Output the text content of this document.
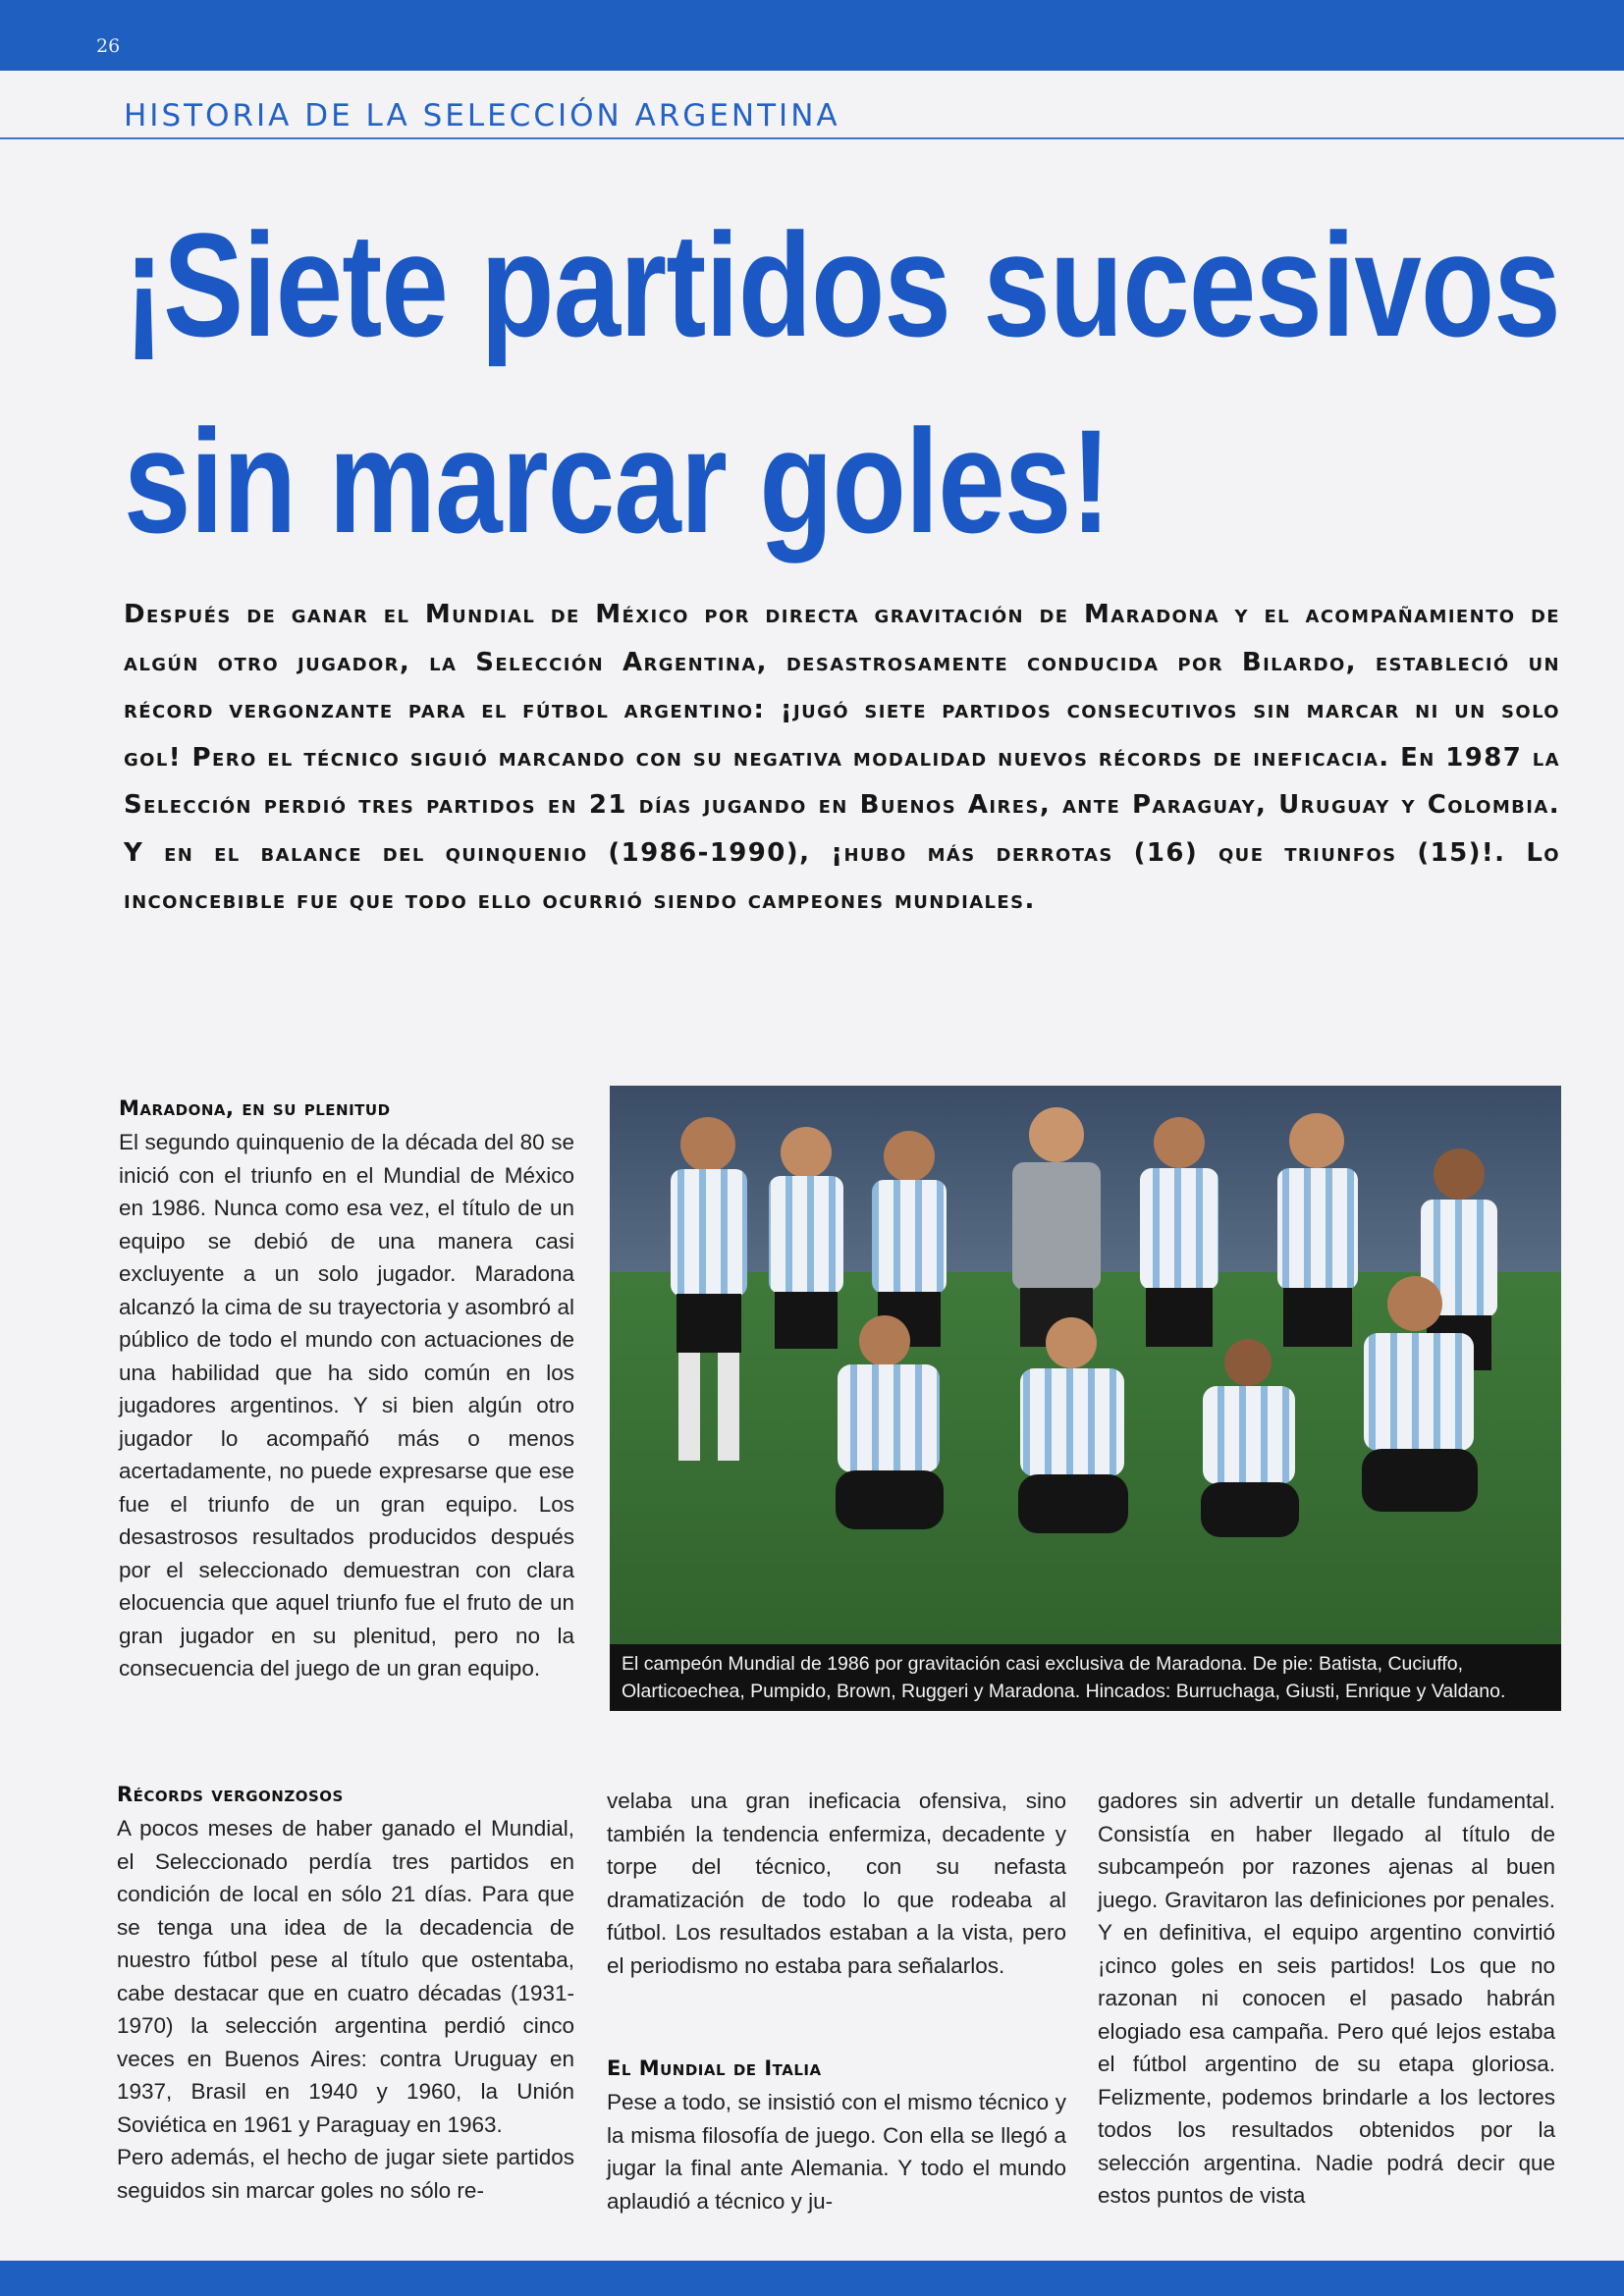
26
HISTORIA DE LA SELECCIÓN ARGENTINA
¡Siete partidos sucesivos
sin marcar goles!

Después de ganar el Mundial de México por directa gravitación de Maradona y el acompañamiento de algún otro jugador, la Selección Argentina, desastrosamente conducida por Bilardo, estableció un récord vergonzante para el fútbol argentino: ¡jugó siete partidos consecutivos sin marcar ni un solo gol! Pero el técnico siguió marcando con su negativa modalidad nuevos récords de ineficacia. En 1987 la Selección perdió tres partidos en 21 días jugando en Buenos Aires, ante Paraguay, Uruguay y Colombia. Y en el balance del quinquenio (1986-1990), ¡hubo más derrotas (16) que triunfos (15)!. Lo inconcebible fue que todo ello ocurrió siendo campeones mundiales.

Maradona, en su plenitud

El segundo quinquenio de la década del 80 se inició con el triunfo en el Mundial de México en 1986. Nunca como esa vez, el título de un equipo se debió de una manera casi excluyente a un solo jugador. Maradona alcanzó la cima de su trayectoria y asombró al público de todo el mundo con actuaciones de una habilidad que ha sido común en los jugadores argentinos. Y si bien algún otro jugador lo acompañó más o menos acertadamente, no puede expresarse que ese fue el triunfo de un gran equipo. Los desastrosos resultados producidos después por el seleccionado demuestran con clara elocuencia que aquel triunfo fue el fruto de un gran jugador en su plenitud, pero no la consecuencia del juego de un gran equipo.	El campeón Mundial de 1986 por gravitación casi exclusiva de Maradona. De pie: Batista, Cuciuffo, Olarticoechea, Pumpido, Brown, Ruggeri y Maradona. Hincados: Burruchaga, Giusti, Enrique y Valdano.
Récords vergonzosos

A pocos meses de haber ganado el Mundial, el Seleccionado perdía tres partidos en condición de local en sólo 21 días. Para que se tenga una idea de la decadencia de nuestro fútbol pese al título que ostentaba, cabe destacar que en cuatro décadas (1931-1970) la selección argentina perdió cinco veces en Buenos Aires: contra Uruguay en 1937, Brasil en 1940 y 1960, la Unión Soviética en 1961 y Paraguay en 1963.

Pero además, el hecho de jugar siete partidos seguidos sin marcar goles no sólo re-

velaba una gran ineficacia ofensiva, sino también la tendencia enfermiza, decadente y torpe del técnico, con su nefasta dramatización de todo lo que rodeaba al fútbol. Los resultados estaban a la vista, pero el periodismo no estaba para señalarlos.

El Mundial de Italia

Pese a todo, se insistió con el mismo técnico y la misma filosofía de juego. Con ella se llegó a jugar la final ante Alemania. Y todo el mundo aplaudió a técnico y ju-

gadores sin advertir un detalle fundamental. Consistía en haber llegado al título de subcampeón por razones ajenas al buen juego. Gravitaron las definiciones por penales. Y en definitiva, el equipo argentino convirtió ¡cinco goles en seis partidos! Los que no razonan ni conocen el pasado habrán elogiado esa campaña. Pero qué lejos estaba el fútbol argentino de su etapa gloriosa. Felizmente, podemos brindarle a los lectores todos los resultados obtenidos por la selección argentina. Nadie podrá decir que estos puntos de vista
